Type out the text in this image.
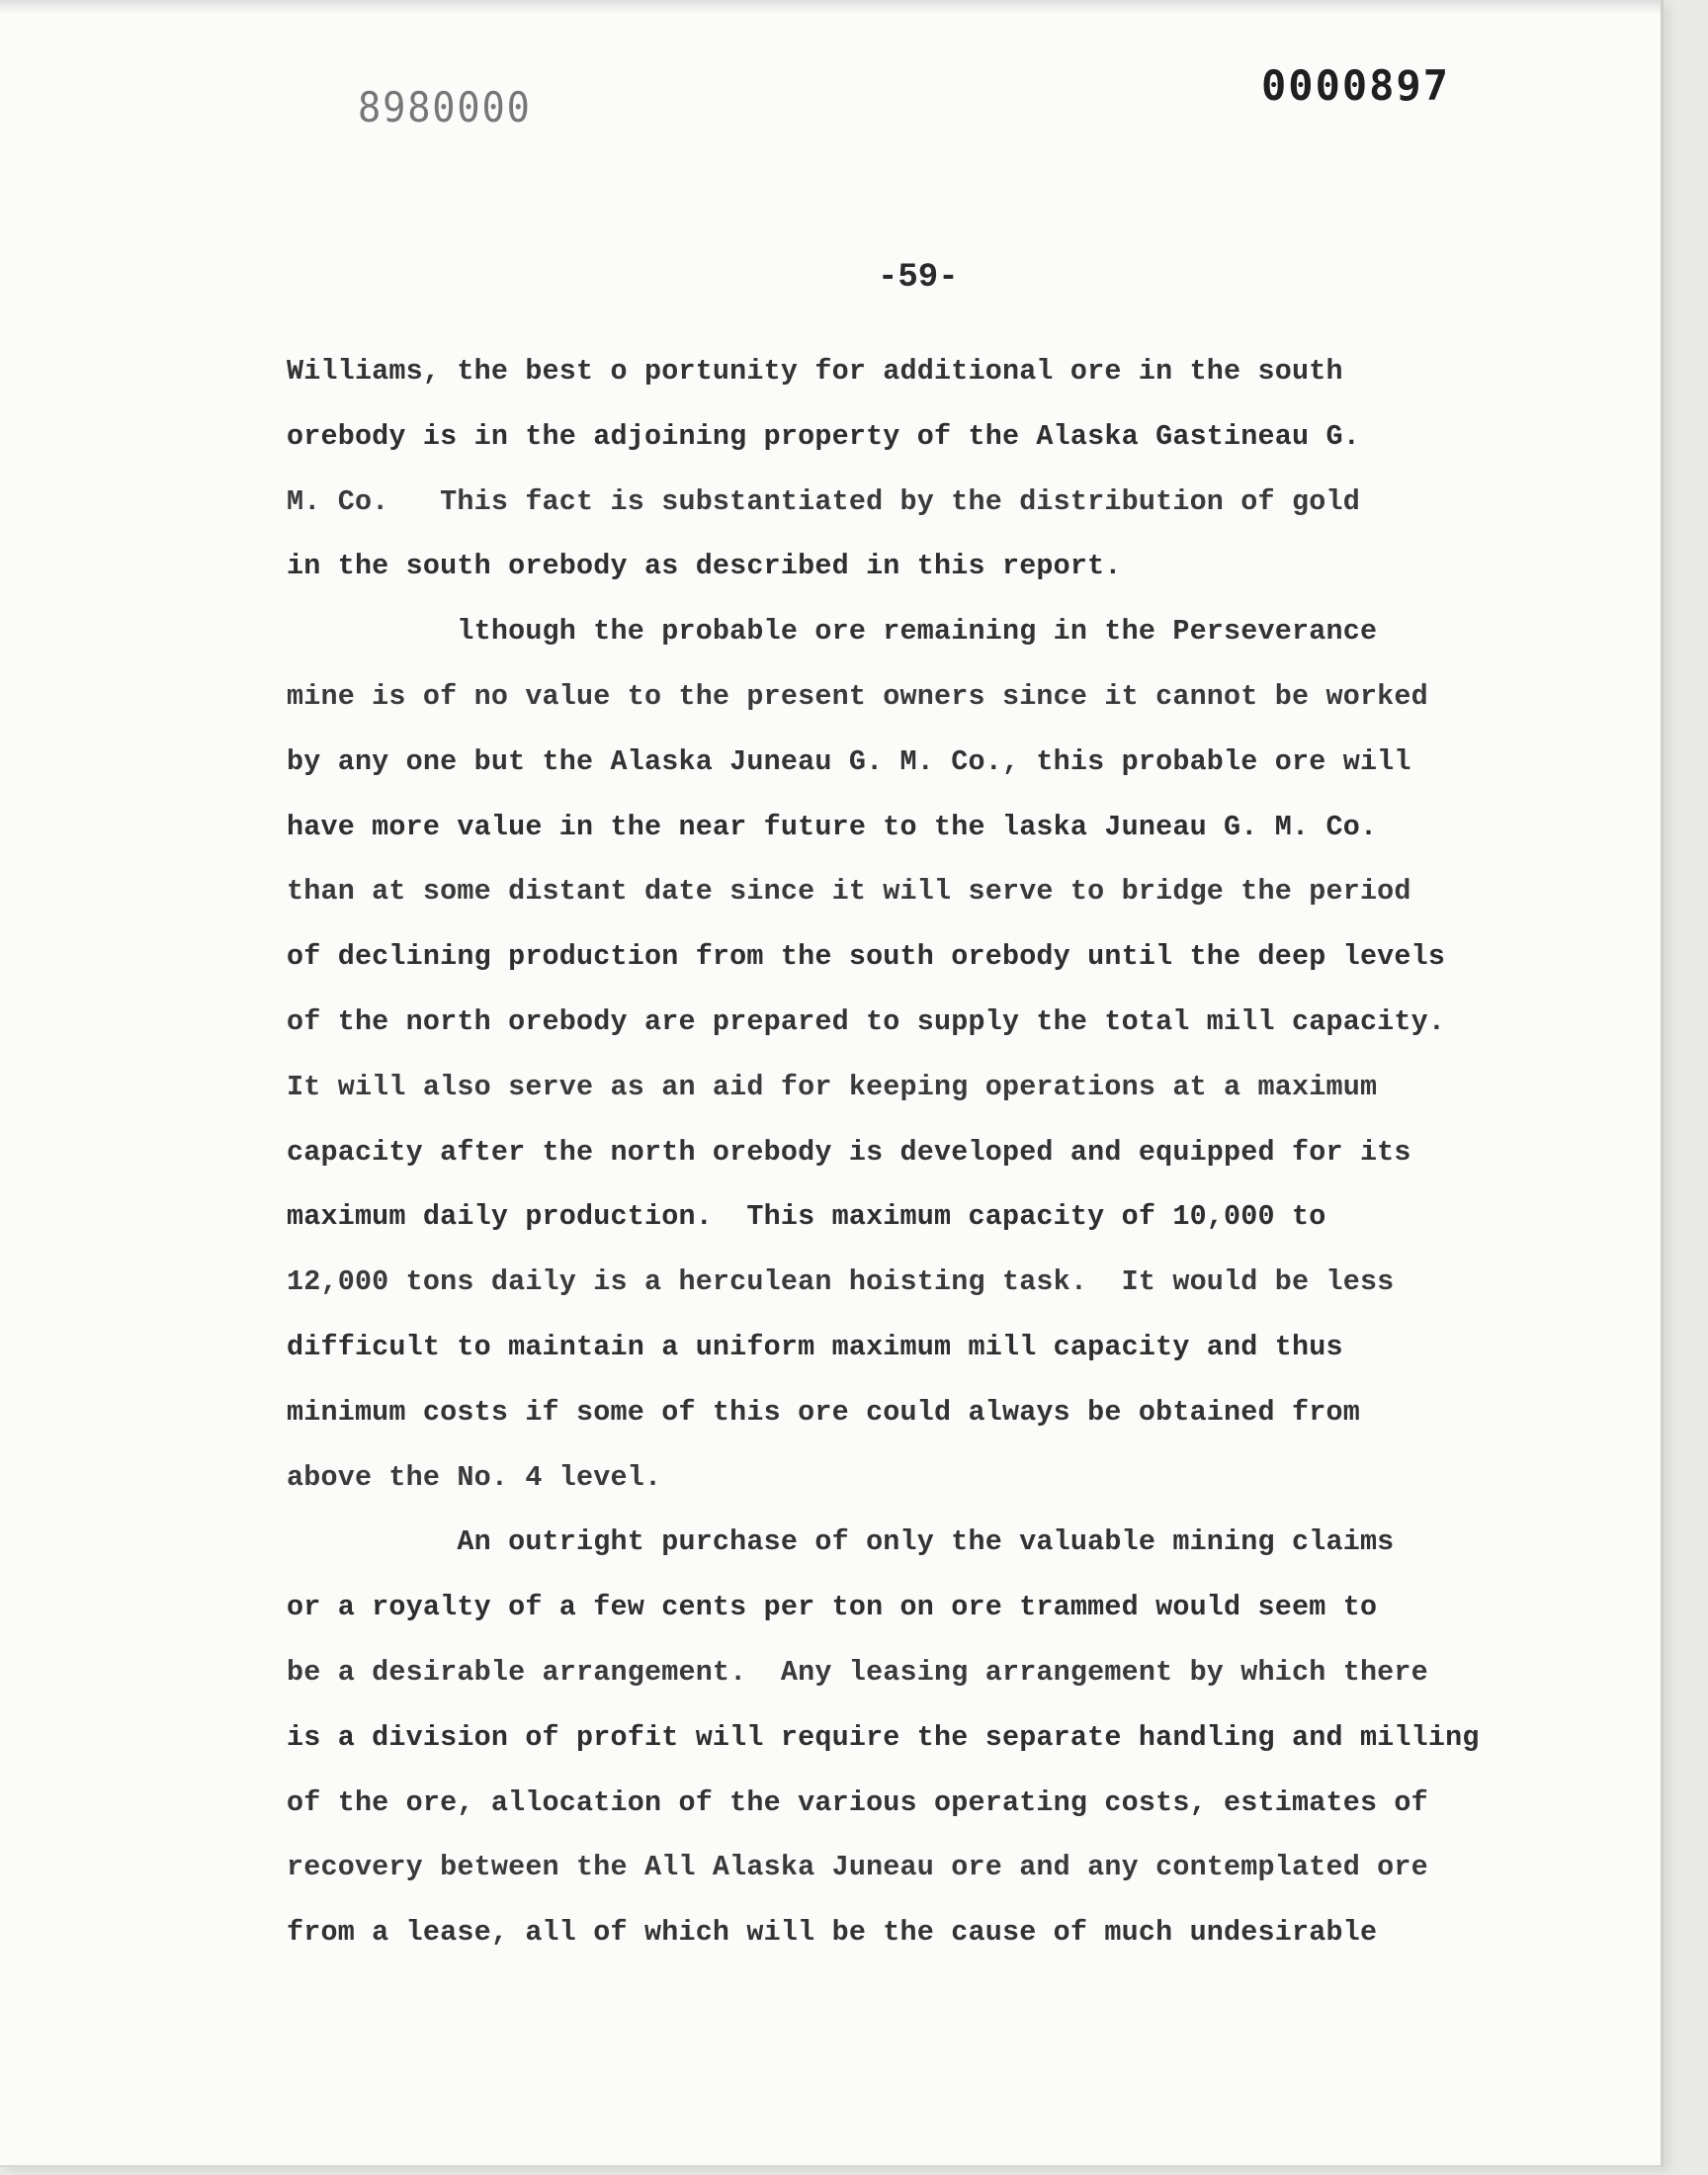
8980000	0000897
-59-
Williams, the best o portunity for additional ore in the south
orebody is in the adjoining property of the Alaska Gastineau G.
M. Co.   This fact is substantiated by the distribution of gold
in the south orebody as described in this report.
lthough the probable ore remaining in the Perseverance
mine is of no value to the present owners since it cannot be worked
by any one but the Alaska Juneau G. M. Co., this probable ore will
have more value in the near future to the laska Juneau G. M. Co.
than at some distant date since it will serve to bridge the period
of declining production from the south orebody until the deep levels
of the north orebody are prepared to supply the total mill capacity.
It will also serve as an aid for keeping operations at a maximum
capacity after the north orebody is developed and equipped for its
maximum daily production.  This maximum capacity of 10,000 to
12,000 tons daily is a herculean hoisting task.  It would be less
difficult to maintain a uniform maximum mill capacity and thus
minimum costs if some of this ore could always be obtained from
above the No. 4 level.
An outright purchase of only the valuable mining claims
or a royalty of a few cents per ton on ore trammed would seem to
be a desirable arrangement.  Any leasing arrangement by which there
is a division of profit will require the separate handling and milling
of the ore, allocation of the various operating costs, estimates of
recovery between the All Alaska Juneau ore and any contemplated ore
from a lease, all of which will be the cause of much undesirable
